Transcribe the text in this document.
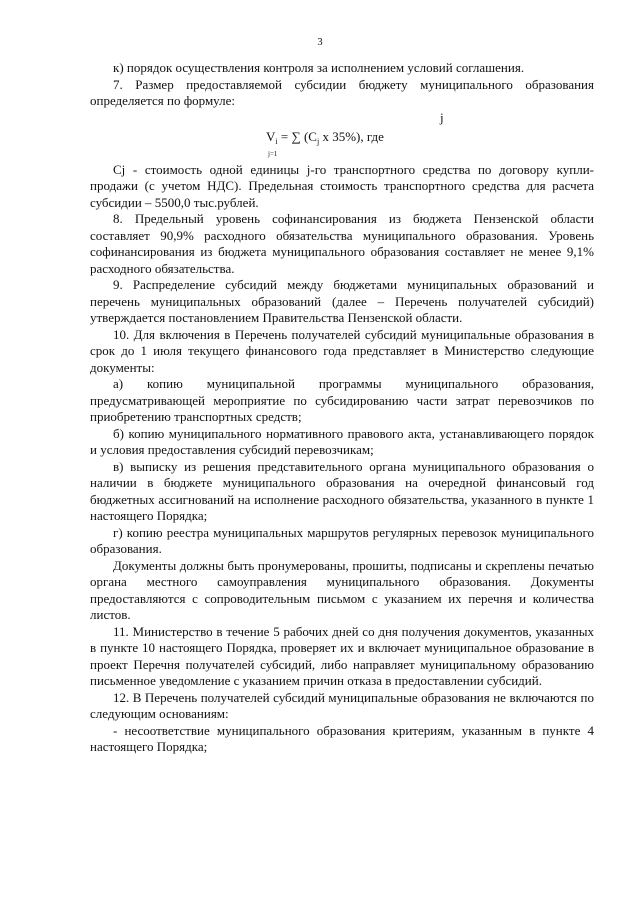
3

к) порядок осуществления контроля за исполнением условий соглашения.

7. Размер предоставляемой субсидии бюджету муниципального образования определяется по формуле:

j
$V_i$ = ∑ ($C_j$ х 35%), где
j=1

Cj - стоимость одной единицы j-го транспортного средства по договору купли-продажи (с учетом НДС). Предельная стоимость транспортного средства для расчета субсидии – 5500,0 тыс.рублей.

8. Предельный уровень софинансирования из бюджета Пензенской области составляет 90,9% расходного обязательства муниципального образования. Уровень софинансирования из бюджета муниципального образования составляет не менее 9,1% расходного обязательства.

9. Распределение субсидий между бюджетами муниципальных образований и перечень муниципальных образований (далее – Перечень получателей субсидий) утверждается постановлением Правительства Пензенской области.

10. Для включения в Перечень получателей субсидий муниципальные образования в срок до 1 июля текущего финансового года представляет в Министерство следующие документы:

а) копию муниципальной программы муниципального образования, предусматривающей мероприятие по субсидированию части затрат перевозчиков по приобретению транспортных средств;

б) копию муниципального нормативного правового акта, устанавливающего порядок и условия предоставления субсидий перевозчикам;

в) выписку из решения представительного органа муниципального образования о наличии в бюджете муниципального образования на очередной финансовый год бюджетных ассигнований на исполнение расходного обязательства, указанного в пункте 1 настоящего Порядка;

г) копию реестра муниципальных маршрутов регулярных перевозок муниципального образования.

Документы должны быть пронумерованы, прошиты, подписаны и скреплены печатью органа местного самоуправления муниципального образования. Документы предоставляются с сопроводительным письмом с указанием их перечня и количества листов.

11. Министерство в течение 5 рабочих дней со дня получения документов, указанных в пункте 10 настоящего Порядка, проверяет их и включает муниципальное образование в проект Перечня получателей субсидий, либо направляет муниципальному образованию письменное уведомление с указанием причин отказа в предоставлении субсидий.

12. В Перечень получателей субсидий муниципальные образования не включаются по следующим основаниям:

- несоответствие муниципального образования критериям, указанным в пункте 4 настоящего Порядка;
